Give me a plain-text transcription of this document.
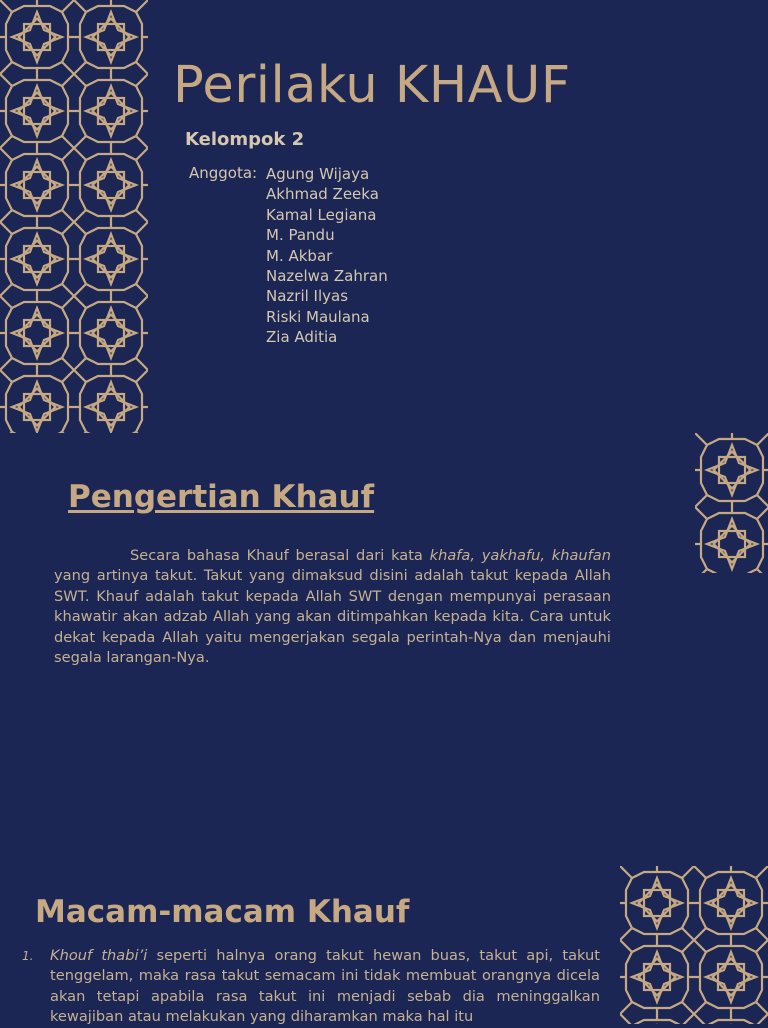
Perilaku KHAUF
Kelompok 2
Anggota: Agung Wijaya
Akhmad Zeeka
Kamal Legiana
M. Pandu
M. Akbar
Nazelwa Zahran
Nazril Ilyas
Riski Maulana
Zia Aditia
Pengertian Khauf

Secara bahasa Khauf berasal dari kata khafa, yakhafu, khaufan yang artinya takut. Takut yang dimaksud disini adalah takut kepada Allah SWT. Khauf adalah takut kepada Allah SWT dengan mempunyai perasaan khawatir akan adzab Allah yang akan ditimpahkan kepada kita. Cara untuk dekat kepada Allah yaitu mengerjakan segala perintah-Nya dan menjauhi segala larangan-Nya.

Macam-macam Khauf
1. Khouf thabi’i seperti halnya orang takut hewan buas, takut api, takut tenggelam, maka rasa takut semacam ini tidak membuat orangnya dicela akan tetapi apabila rasa takut ini menjadi sebab dia meninggalkan kewajiban atau melakukan yang diharamkan maka hal itu
